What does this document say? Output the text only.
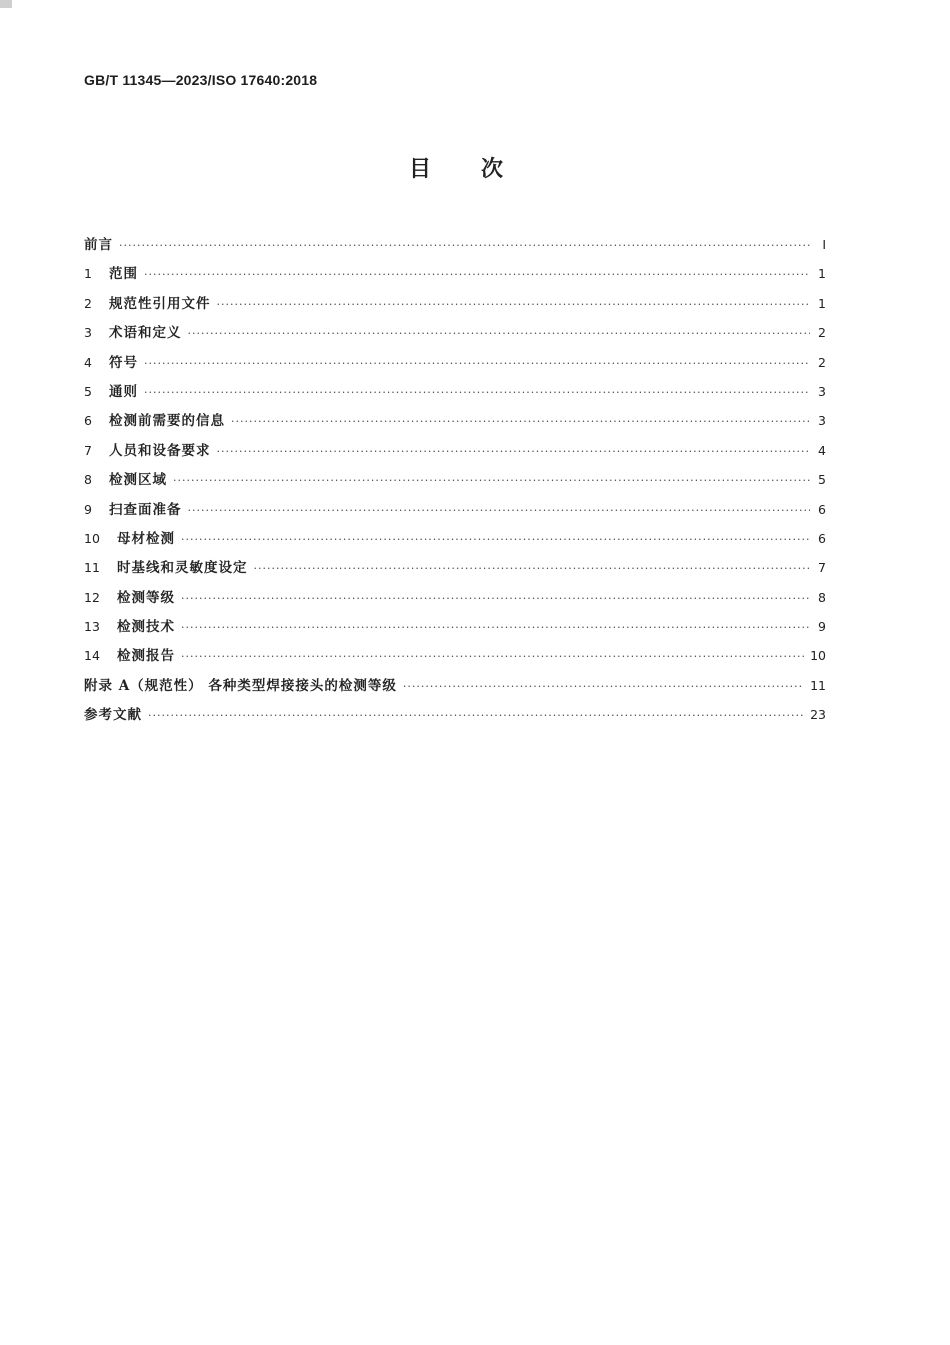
GB/T 11345—2023/ISO 17640:2018
目次
前言 ·····	I
1	范围 ·····	1
2	规范性引用文件 ·····	1
3	术语和定义 ·····	2
4	符号 ·····	2
5	通则 ·····	3
6	检测前需要的信息 ·····	3
7	人员和设备要求 ·····	4
8	检测区域 ·····	5
9	扫查面准备 ·····	6
10	母材检测 ·····	6
11	时基线和灵敏度设定 ·····	7
12	检测等级 ·····	8
13	检测技术 ·····	9
14	检测报告 ·····	10
附录 A（规范性） 各种类型焊接接头的检测等级 ·····	11
参考文献 ·····	23
